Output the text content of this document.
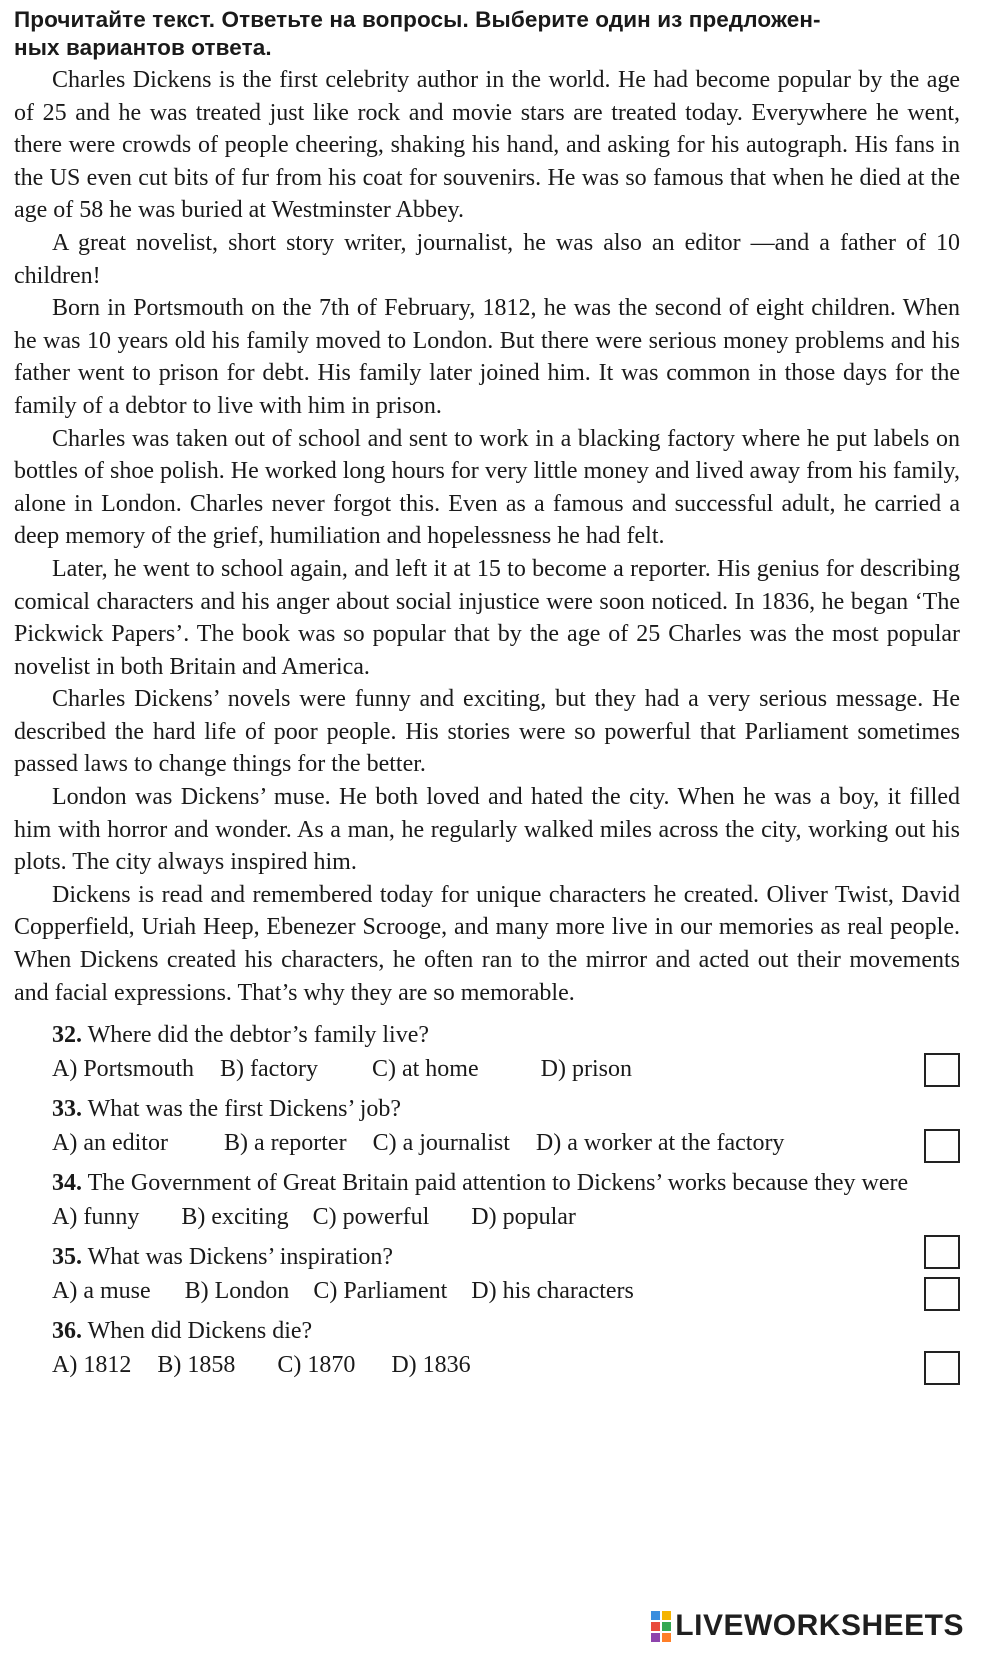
Прочитайте текст. Ответьте на вопросы. Выберите один из предложен-
ных вариантов ответа.

Charles Dickens is the first celebrity author in the world. He had become popular by the age of 25 and he was treated just like rock and movie stars are treated today. Everywhere he went, there were crowds of people cheering, shaking his hand, and asking for his autograph. His fans in the US even cut bits of fur from his coat for souvenirs. He was so famous that when he died at the age of 58 he was buried at Westminster Abbey.

A great novelist, short story writer, journalist, he was also an editor —and a father of 10 children!

Born in Portsmouth on the 7th of February, 1812, he was the second of eight children. When he was 10 years old his family moved to London. But there were serious money problems and his father went to prison for debt. His family later joined him. It was common in those days for the family of a debtor to live with him in prison.

Charles was taken out of school and sent to work in a blacking factory where he put labels on bottles of shoe polish. He worked long hours for very little money and lived away from his family, alone in London. Charles never forgot this. Even as a famous and successful adult, he carried a deep memory of the grief, humiliation and hopelessness he had felt.

Later, he went to school again, and left it at 15 to become a reporter. His genius for describing comical characters and his anger about social injustice were soon noticed. In 1836, he began ‘The Pickwick Papers’. The book was so popular that by the age of 25 Charles was the most popular novelist in both Britain and America.

Charles Dickens’ novels were funny and exciting, but they had a very serious message. He described the hard life of poor people. His stories were so powerful that Parliament sometimes passed laws to change things for the better.

London was Dickens’ muse. He both loved and hated the city. When he was a boy, it filled him with horror and wonder. As a man, he regularly walked miles across the city, working out his plots. The city always inspired him.

Dickens is read and remembered today for unique characters he created. Oliver Twist, David Copperfield, Uriah Heep, Ebenezer Scrooge, and many more live in our memories as real people. When Dickens created his characters, he often ran to the mirror and acted out their movements and facial expressions. That’s why they are so memorable.

32. Where did the debtor’s family live?

A) Portsmouth B) factory C) at home	D) prison

33. What was the first Dickens’ job?

A) an editor B) a reporter C) a journalist D) a worker at the factory

34. The Government of Great Britain paid attention to Dickens’ works because they were

A) funny B) exciting C) powerful D) popular

35. What was Dickens’ inspiration?

A) a muse B) London C) Parliament D) his characters

36. When did Dickens die?

A) 1812 B) 1858 C) 1870 D) 1836
LIVEWORKSHEETS
